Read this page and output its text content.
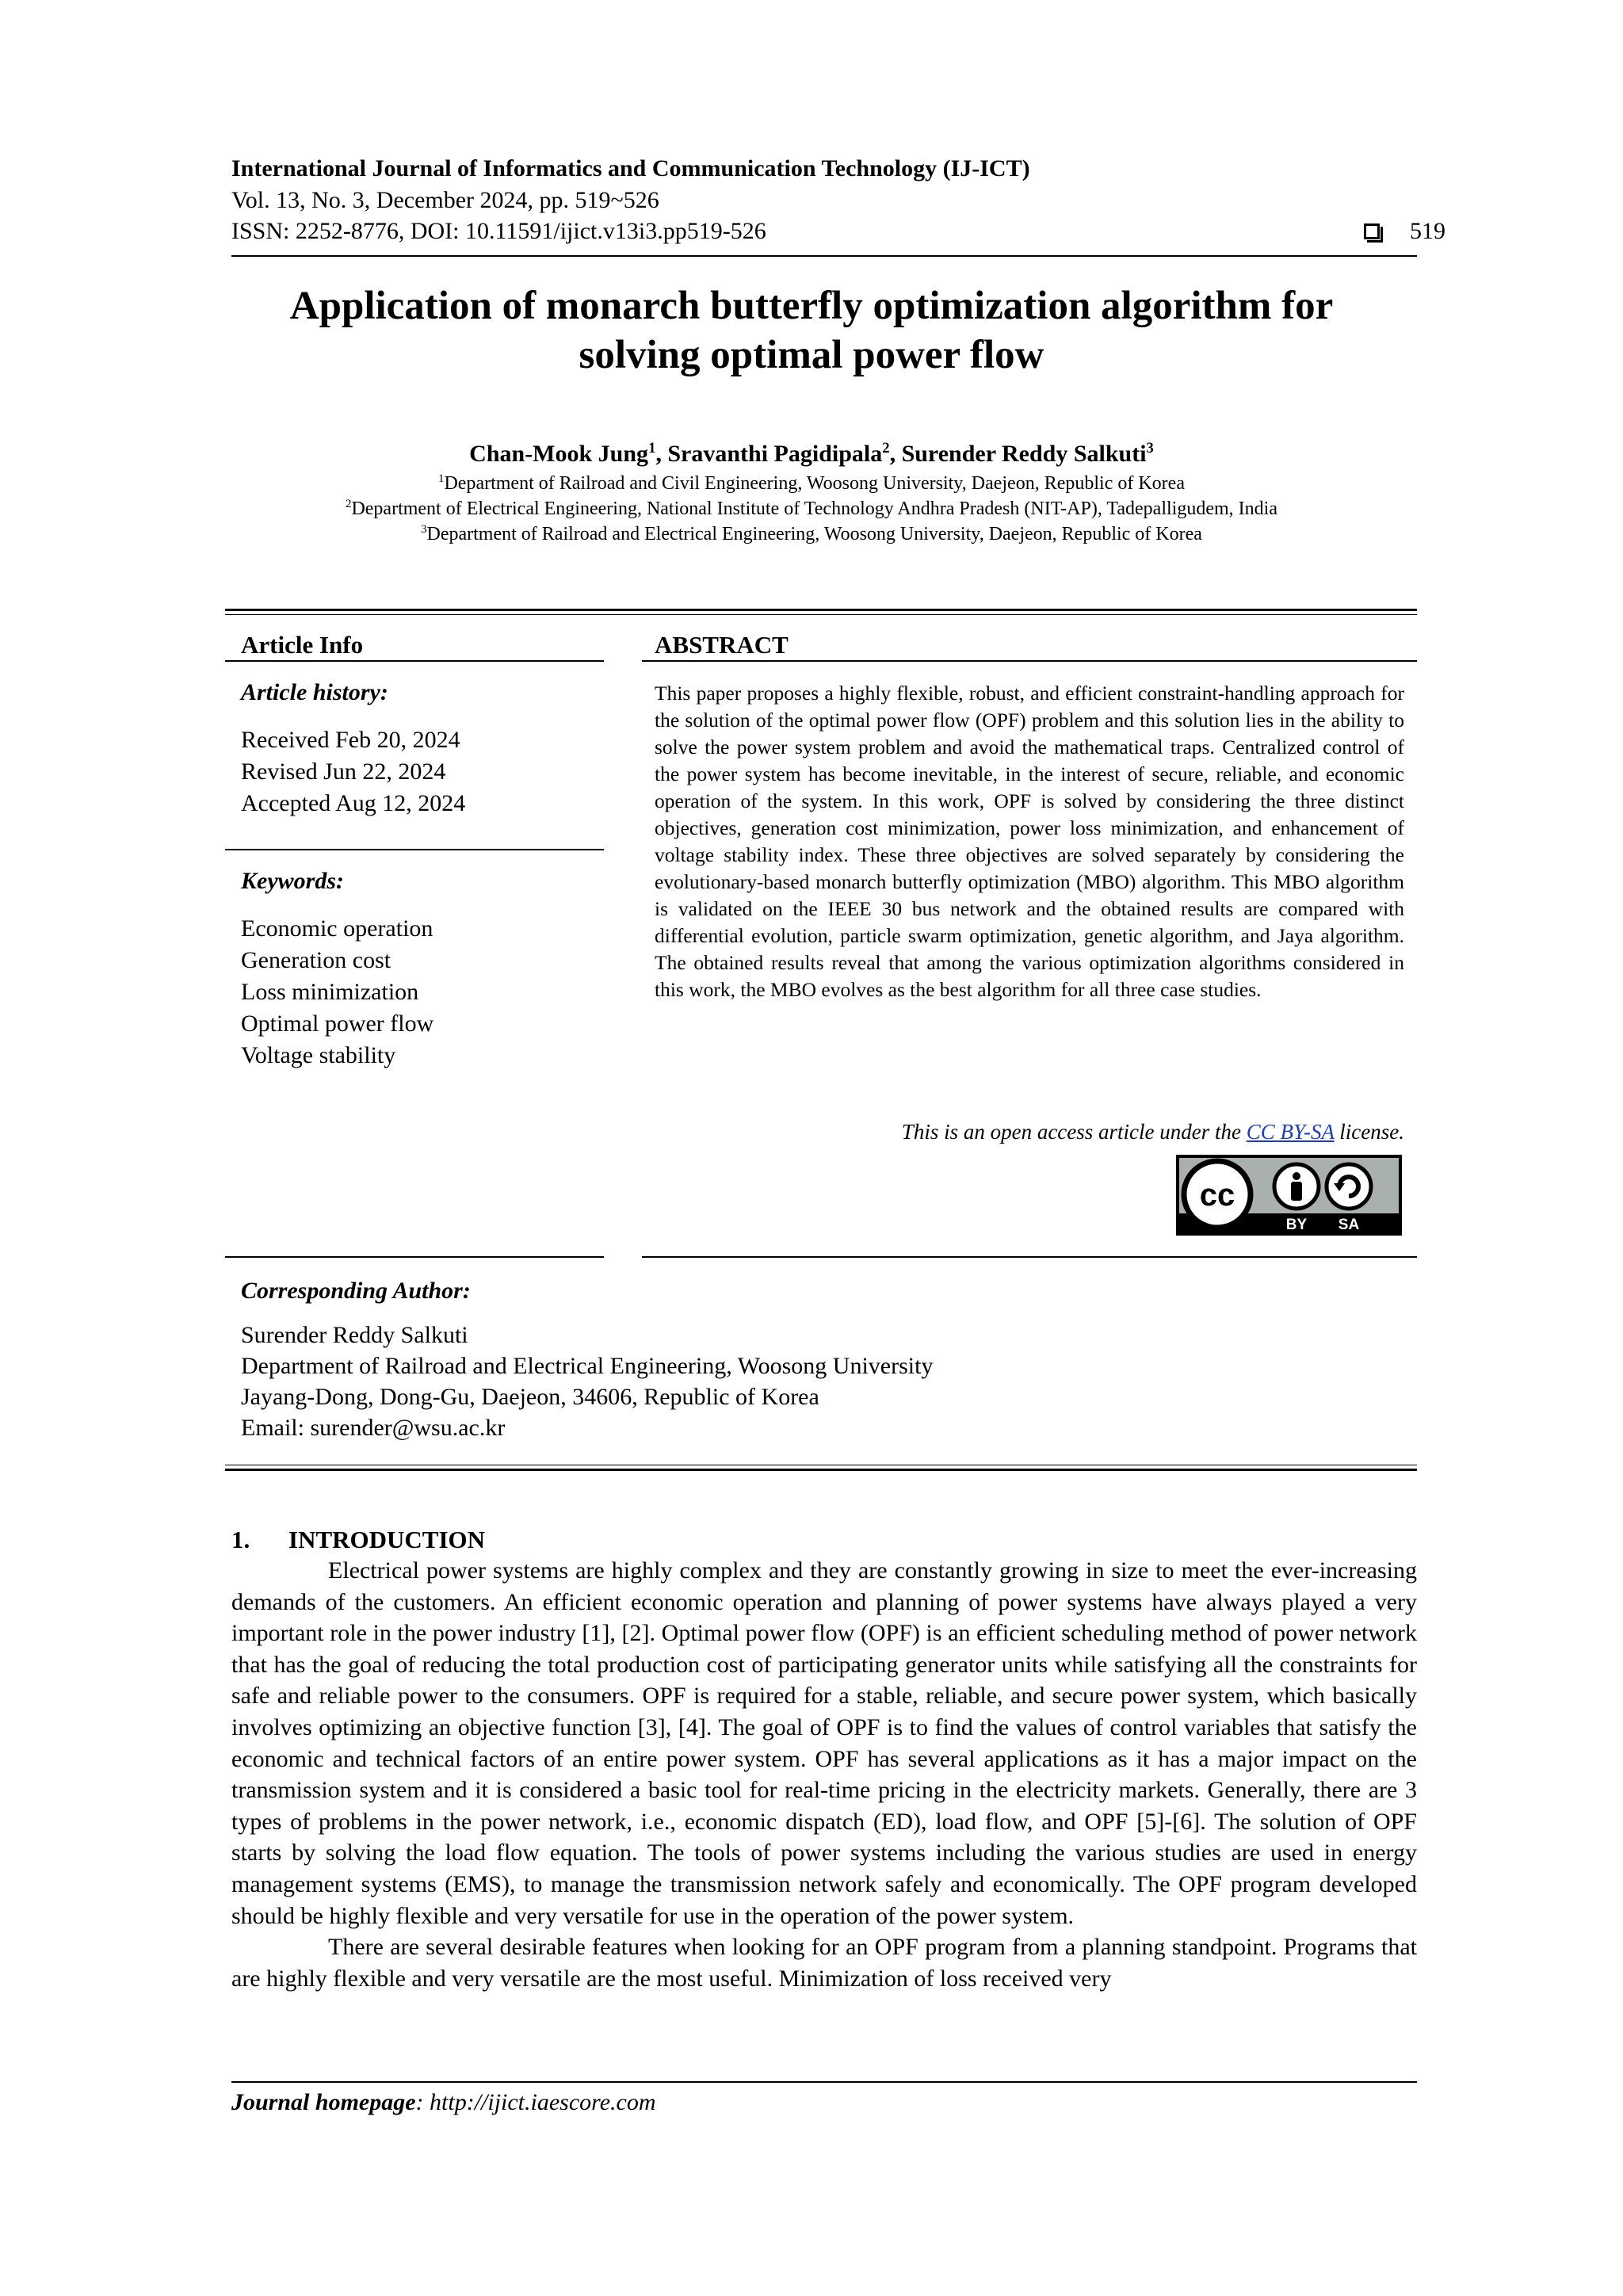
International Journal of Informatics and Communication Technology (IJ-ICT)
Vol. 13, No. 3, December 2024, pp. 519~526
ISSN: 2252-8776, DOI: 10.11591/ijict.v13i3.pp519-526	519
Application of monarch butterfly optimization algorithm for
solving optimal power flow
Chan-Mook Jung$^1$, Sravanthi Pagidipala$^2$, Surender Reddy Salkuti$^3$
$^1$Department of Railroad and Civil Engineering, Woosong University, Daejeon, Republic of Korea
$^2$Department of Electrical Engineering, National Institute of Technology Andhra Pradesh (NIT-AP), Tadepalligudem, India
$^3$Department of Railroad and Electrical Engineering, Woosong University, Daejeon, Republic of Korea
Article Info
Article history:
Received Feb 20, 2024
Revised Jun 22, 2024
Accepted Aug 12, 2024
Keywords:
Economic operation
Generation cost
Loss minimization
Optimal power flow
Voltage stability
ABSTRACT
This paper proposes a highly flexible, robust, and efficient constraint-handling approach for the solution of the optimal power flow (OPF) problem and this solution lies in the ability to solve the power system problem and avoid the mathematical traps. Centralized control of the power system has become inevitable, in the interest of secure, reliable, and economic operation of the system. In this work, OPF is solved by considering the three distinct objectives, generation cost minimization, power loss minimization, and enhancement of voltage stability index. These three objectives are solved separately by considering the evolutionary-based monarch butterfly optimization (MBO) algorithm. This MBO algorithm is validated on the IEEE 30 bus network and the obtained results are compared with differential evolution, particle swarm optimization, genetic algorithm, and Jaya algorithm. The obtained results reveal that among the various optimization algorithms considered in this work, the MBO evolves as the best algorithm for all three case studies.
This is an open access article under the CC BY-SA license.
cc
BY SA
Corresponding Author:
Surender Reddy Salkuti
Department of Railroad and Electrical Engineering, Woosong University
Jayang-Dong, Dong-Gu, Daejeon, 34606, Republic of Korea
Email: surender@wsu.ac.kr
1. INTRODUCTION

Electrical power systems are highly complex and they are constantly growing in size to meet the ever-increasing demands of the customers. An efficient economic operation and planning of power systems have always played a very important role in the power industry [1], [2]. Optimal power flow (OPF) is an efficient scheduling method of power network that has the goal of reducing the total production cost of participating generator units while satisfying all the constraints for safe and reliable power to the consumers. OPF is required for a stable, reliable, and secure power system, which basically involves optimizing an objective function [3], [4]. The goal of OPF is to find the values of control variables that satisfy the economic and technical factors of an entire power system. OPF has several applications as it has a major impact on the transmission system and it is considered a basic tool for real-time pricing in the electricity markets. Generally, there are 3 types of problems in the power network, i.e., economic dispatch (ED), load flow, and OPF [5]-[6]. The solution of OPF starts by solving the load flow equation. The tools of power systems including the various studies are used in energy management systems (EMS), to manage the transmission network safely and economically. The OPF program developed should be highly flexible and very versatile for use in the operation of the power system.

There are several desirable features when looking for an OPF program from a planning standpoint. Programs that are highly flexible and very versatile are the most useful. Minimization of loss received very

Journal homepage: http://ijict.iaescore.com
